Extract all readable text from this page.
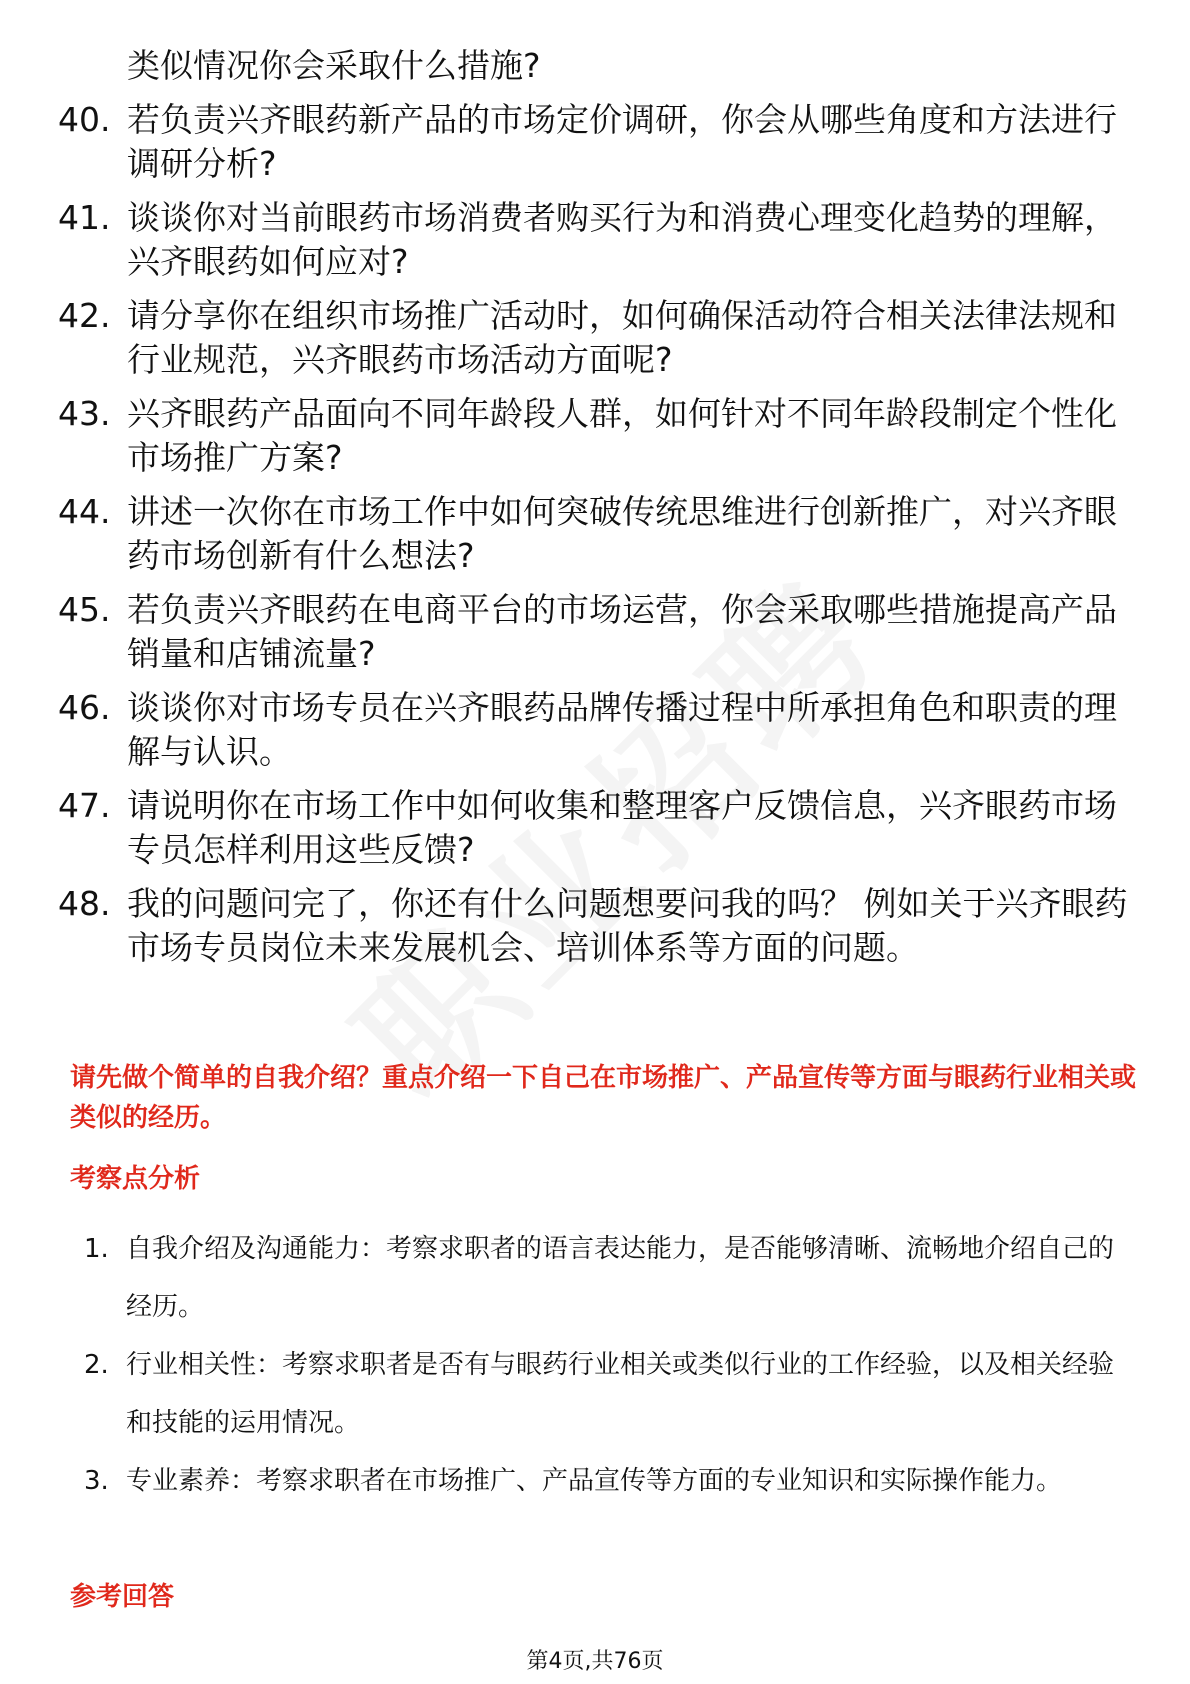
类似情况你会采取什么措施?
40. 若负责兴齐眼药新产品的市场定价调研，你会从哪些角度和方法进行调研分析?
41. 谈谈你对当前眼药市场消费者购买行为和消费心理变化趋势的理解，兴齐眼药如何应对?
42. 请分享你在组织市场推广活动时，如何确保活动符合相关法律法规和行业规范，兴齐眼药市场活动方面呢?
43. 兴齐眼药产品面向不同年龄段人群，如何针对不同年龄段制定个性化市场推广方案?
44. 讲述一次你在市场工作中如何突破传统思维进行创新推广，对兴齐眼药市场创新有什么想法?
45. 若负责兴齐眼药在电商平台的市场运营，你会采取哪些措施提高产品销量和店铺流量?
46. 谈谈你对市场专员在兴齐眼药品牌传播过程中所承担角色和职责的理解与认识。
47. 请说明你在市场工作中如何收集和整理客户反馈信息，兴齐眼药市场专员怎样利用这些反馈?
48. 我的问题问完了，你还有什么问题想要问我的吗？ 例如关于兴齐眼药市场专员岗位未来发展机会、培训体系等方面的问题。
请先做个简单的自我介绍？重点介绍一下自己在市场推广、产品宣传等方面与眼药行业相关或类似的经历。
考察点分析
1. 自我介绍及沟通能力：考察求职者的语言表达能力，是否能够清晰、流畅地介绍自己的经历。
2. 行业相关性：考察求职者是否有与眼药行业相关或类似行业的工作经验，以及相关经验和技能的运用情况。
3. 专业素养：考察求职者在市场推广、产品宣传等方面的专业知识和实际操作能力。
参考回答
第4页,共76页
